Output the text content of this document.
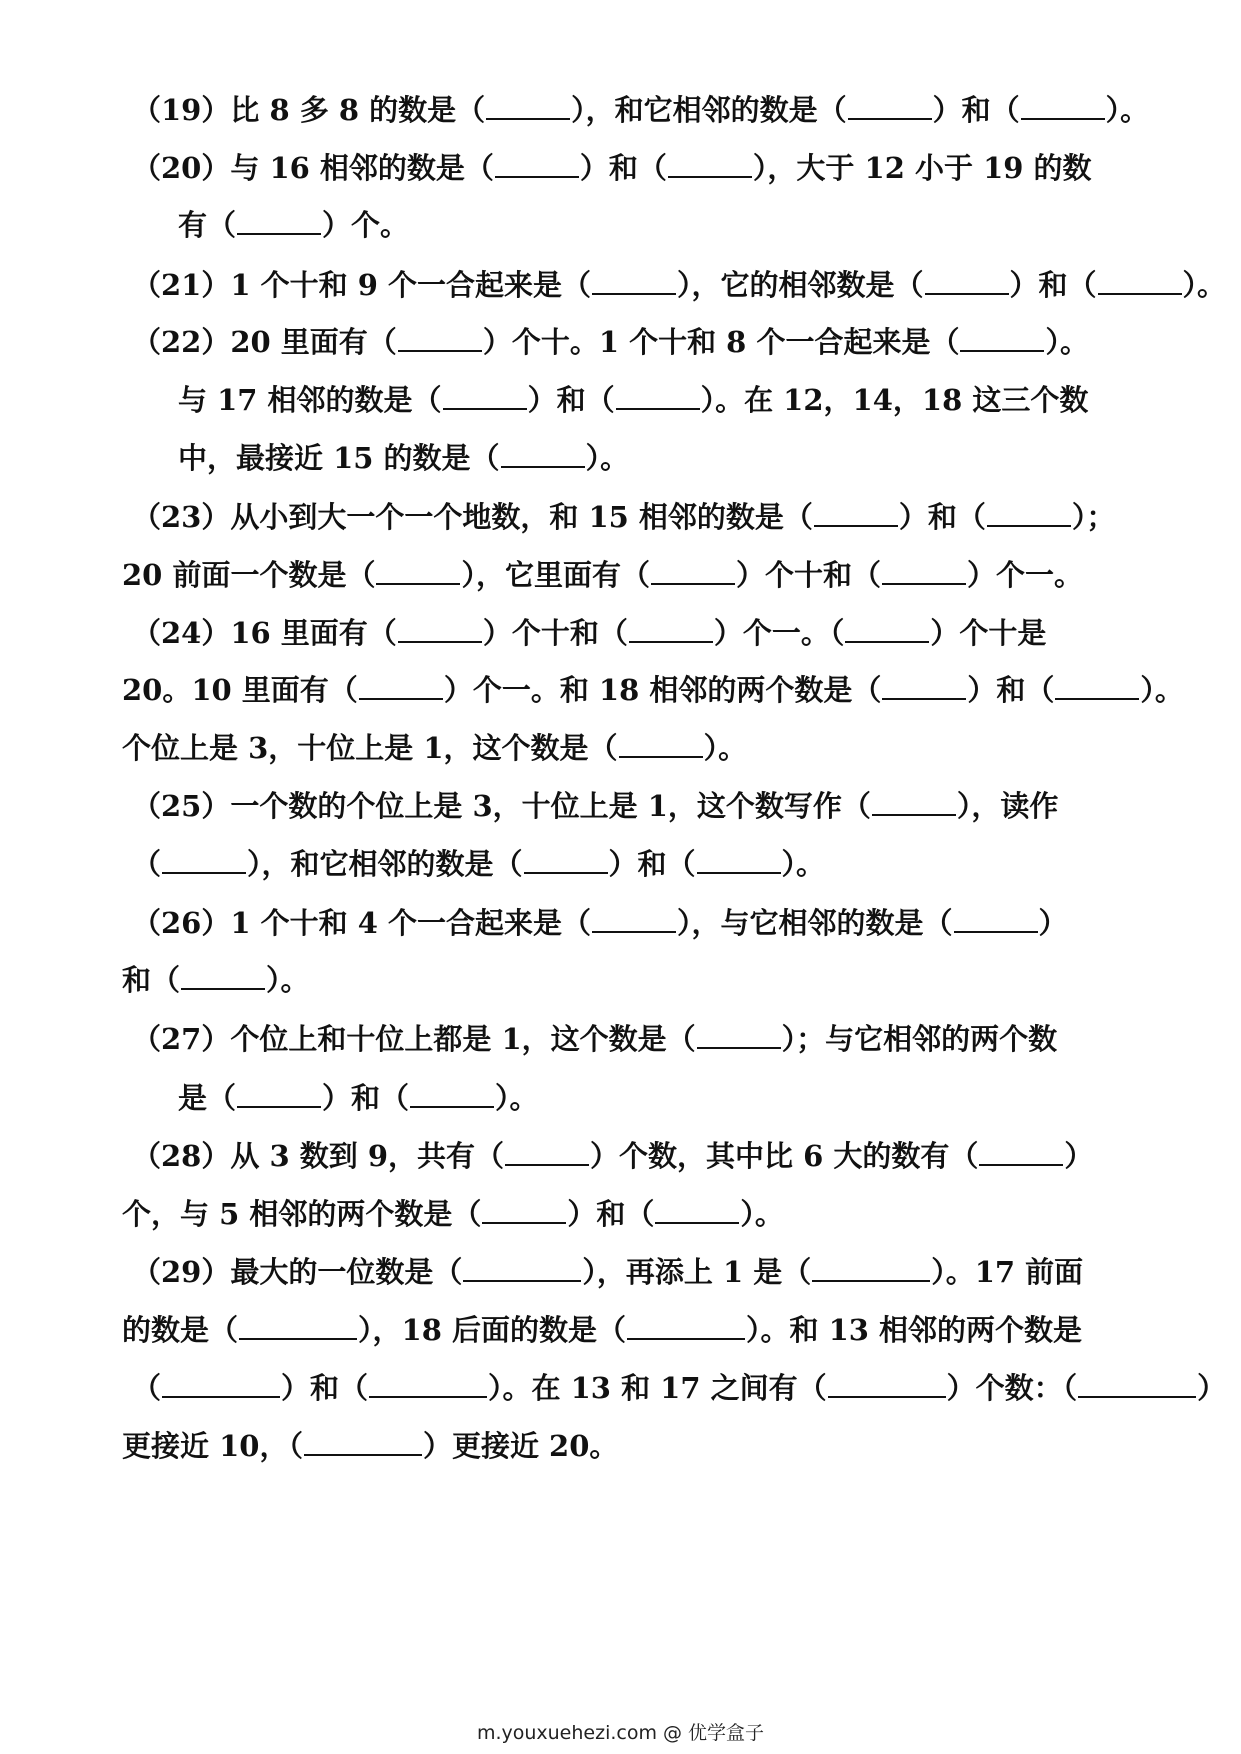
（19）比 8 多 8 的数是（	），和它相邻的数是（	）和（	）。
（20）与 16 相邻的数是（	）和（	），大于 12 小于 19 的数
有（	）个。
（21）1 个十和 9 个一合起来是（	），它的相邻数是（	）和（	）。
（22）20 里面有（	）个十。1 个十和 8 个一合起来是（	）。
与 17 相邻的数是（	）和（	）。在 12，14，18 这三个数
中，最接近 15 的数是（	）。
（23）从小到大一个一个地数，和 15 相邻的数是（	）和（	）；
20 前面一个数是（	），它里面有（	）个十和（	）个一。
（24）16 里面有（	）个十和（	）个一。（	）个十是
20。10 里面有（	）个一。和 18 相邻的两个数是（	）和（	）。
个位上是 3，十位上是 1，这个数是（	）。
（25）一个数的个位上是 3，十位上是 1，这个数写作（	），读作
（	），和它相邻的数是（	）和（	）。
（26）1 个十和 4 个一合起来是（	），与它相邻的数是（	）
和（	）。
（27）个位上和十位上都是 1，这个数是（	）；与它相邻的两个数
是（	）和（	）。
（28）从 3 数到 9，共有（	）个数，其中比 6 大的数有（	）
个，与 5 相邻的两个数是（	）和（	）。
（29）最大的一位数是（	），再添上 1 是（	）。17 前面
的数是（	），18 后面的数是（	）。和 13 相邻的两个数是
（	）和（	）。在 13 和 17 之间有（	）个数：（	）
更接近 10，（	）更接近 20。
m.youxuehezi.com @ 优学盒子
